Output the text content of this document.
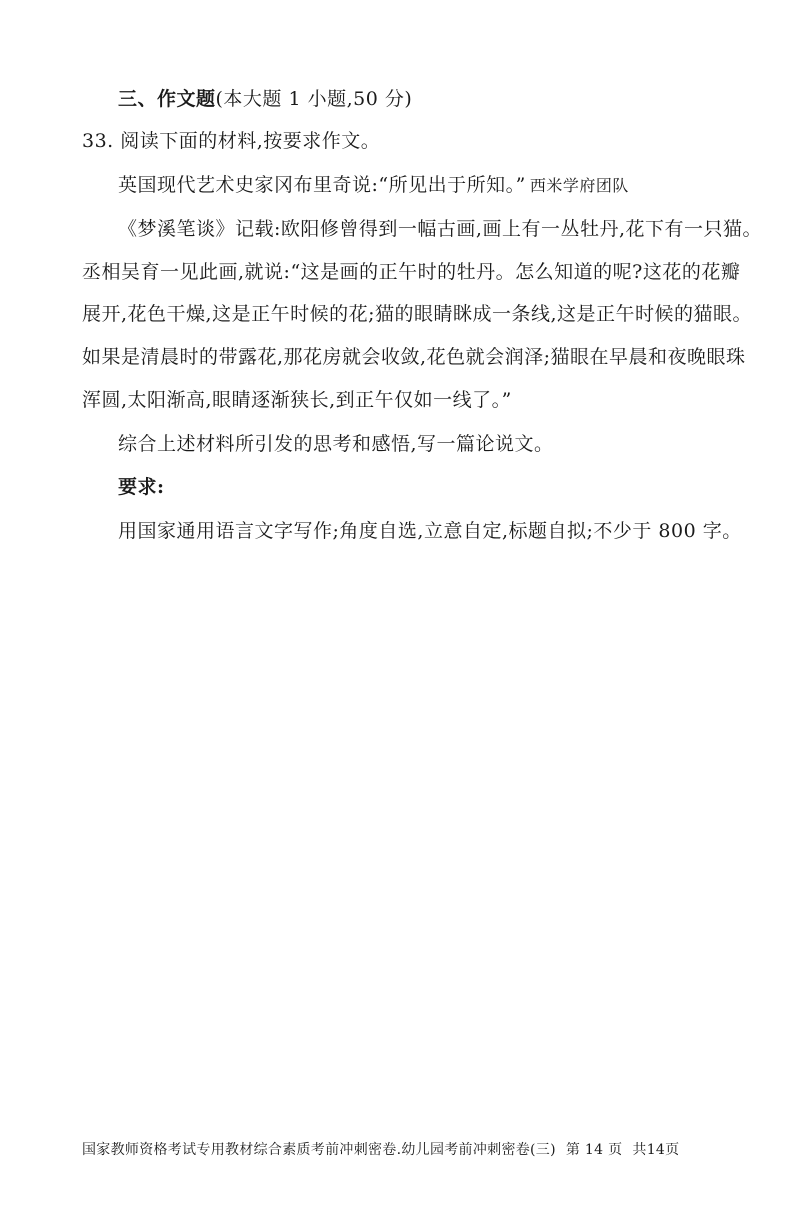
三、作文题(本大题 1 小题,50 分)
33. 阅读下面的材料,按要求作文。
英国现代艺术史家冈布里奇说:“所见出于所知。” 西米学府团队
《梦溪笔谈》记载:欧阳修曾得到一幅古画,画上有一丛牡丹,花下有一只猫。
丞相吴育一见此画,就说:“这是画的正午时的牡丹。怎么知道的呢?这花的花瓣
展开,花色干燥,这是正午时候的花;猫的眼睛眯成一条线,这是正午时候的猫眼。
如果是清晨时的带露花,那花房就会收敛,花色就会润泽;猫眼在早晨和夜晚眼珠
浑圆,太阳渐高,眼睛逐渐狭长,到正午仅如一线了。”
综合上述材料所引发的思考和感悟,写一篇论说文。
要求:
用国家通用语言文字写作;角度自选,立意自定,标题自拟;不少于 800 字。
国家教师资格考试专用教材综合素质考前冲刺密卷.幼儿园考前冲刺密卷(三) 第 14 页 共14页
